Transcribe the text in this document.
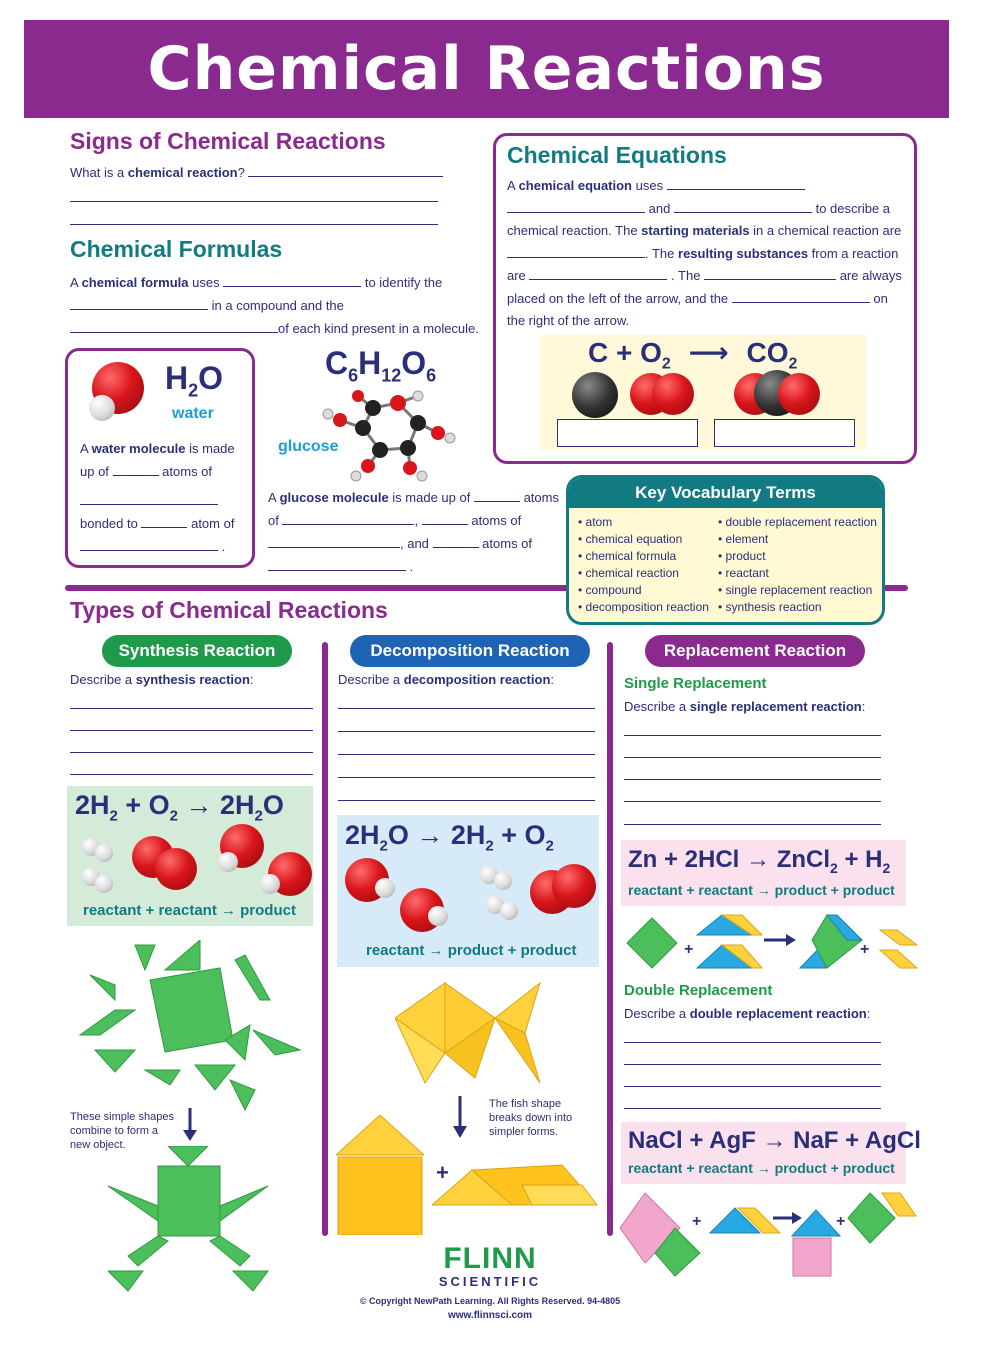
Chemical Reactions
Signs of Chemical Reactions
What is a chemical reaction?
Chemical Formulas
A chemical formula uses	to identify the
in a compound and the
of each kind present in a molecule.
$H_2O$
water
A water molecule is made
up of	atoms of

bonded to	atom of
.
$C_6H_{12}O_6$
glucose
A glucose molecule is made up of	atoms
of	,	atoms of
, and	atoms of
.
Chemical Equations
A chemical equation uses
and	to describe a
chemical reaction. The starting materials in a chemical reaction are
. The resulting substances from a reaction
are	. The	are always
placed on the left of the arrow, and the	on
the right of the arrow.
$C + O_2$ ⟶ $CO_2$
Key Vocabulary Terms
• atom
• chemical equation
• chemical formula
• chemical reaction
• compound
• decomposition reaction
• double replacement reaction
• element
• product
• reactant
• single replacement reaction
• synthesis reaction
Types of Chemical Reactions
Synthesis Reaction
Describe a synthesis reaction:
$2H_2 + O_2 \to 2H_2O$
reactant + reactant → product
These simple shapes combine to form a new object.
Decomposition Reaction
Describe a decomposition reaction:
$2H_2O \to 2H_2 + O_2$
reactant → product + product
The fish shape breaks down into simpler forms.
+
Replacement Reaction
Single Replacement
Describe a single replacement reaction:
Zn + 2HCl → ZnCl$_2$ + $H_2$
reactant + reactant → product + product
+	+
Double Replacement
Describe a double replacement reaction:
NaCl + AgF → NaF + AgCl
reactant + reactant → product + product
+	+
FLINN
SCIENTIFIC
© Copyright NewPath Learning. All Rights Reserved. 94-4805
www.flinnsci.com
